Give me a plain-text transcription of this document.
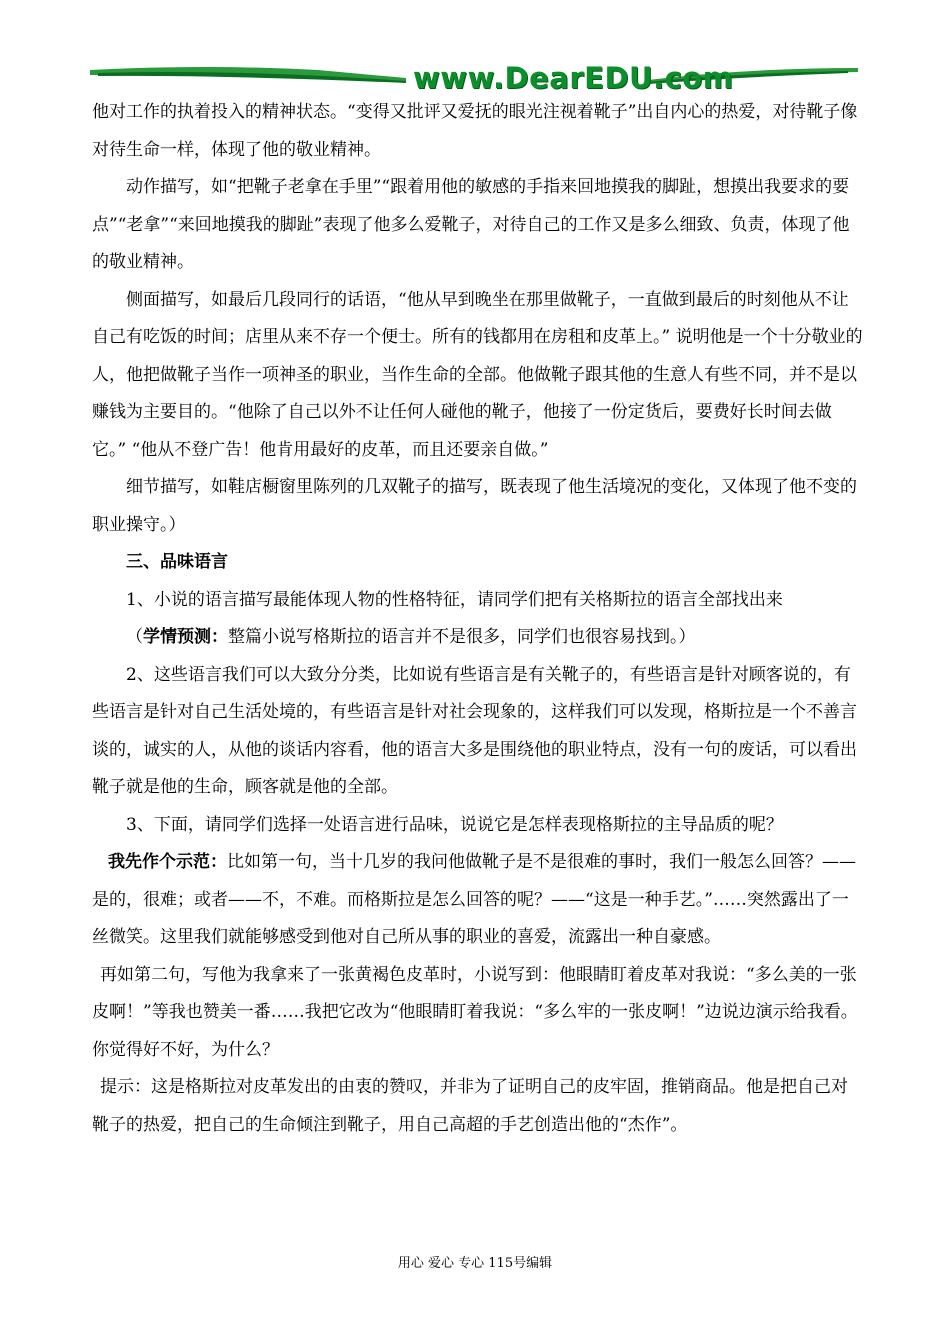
www.DearEDU.com

他对工作的执着投入的精神状态。“变得又批评又爱抚的眼光注视着靴子”出自内心的热爱，对待靴子像对待生命一样，体现了他的敬业精神。

动作描写，如“把靴子老拿在手里”“跟着用他的敏感的手指来回地摸我的脚趾，想摸出我要求的要点”“老拿”“来回地摸我的脚趾”表现了他多么爱靴子，对待自己的工作又是多么细致、负责，体现了他的敬业精神。

侧面描写，如最后几段同行的话语，“他从早到晚坐在那里做靴子，一直做到最后的时刻他从不让自己有吃饭的时间；店里从来不存一个便士。所有的钱都用在房租和皮革上。” 说明他是一个十分敬业的人，他把做靴子当作一项神圣的职业，当作生命的全部。他做靴子跟其他的生意人有些不同，并不是以赚钱为主要目的。“他除了自己以外不让任何人碰他的靴子，他接了一份定货后，要费好长时间去做它。” “他从不登广告！他肯用最好的皮革，而且还要亲自做。”

细节描写，如鞋店橱窗里陈列的几双靴子的描写，既表现了他生活境况的变化，又体现了他不变的职业操守。）

三、品味语言

1、小说的语言描写最能体现人物的性格特征，请同学们把有关格斯拉的语言全部找出来

（学情预测：整篇小说写格斯拉的语言并不是很多，同学们也很容易找到。）

2、这些语言我们可以大致分分类，比如说有些语言是有关靴子的，有些语言是针对顾客说的，有些语言是针对自己生活处境的，有些语言是针对社会现象的，这样我们可以发现，格斯拉是一个不善言谈的，诚实的人，从他的谈话内容看，他的语言大多是围绕他的职业特点，没有一句的废话，可以看出靴子就是他的生命，顾客就是他的全部。

3、下面，请同学们选择一处语言进行品味，说说它是怎样表现格斯拉的主导品质的呢？

我先作个示范：比如第一句，当十几岁的我问他做靴子是不是很难的事时，我们一般怎么回答？——是的，很难；或者——不，不难。而格斯拉是怎么回答的呢？——“这是一种手艺。”……突然露出了一丝微笑。这里我们就能够感受到他对自己所从事的职业的喜爱，流露出一种自豪感。

再如第二句，写他为我拿来了一张黄褐色皮革时，小说写到：他眼睛盯着皮革对我说：“多么美的一张皮啊！”等我也赞美一番……我把它改为“他眼睛盯着我说：“多么牢的一张皮啊！”边说边演示给我看。你觉得好不好，为什么？

提示：这是格斯拉对皮革发出的由衷的赞叹，并非为了证明自己的皮牢固，推销商品。他是把自己对靴子的热爱，把自己的生命倾注到靴子，用自己高超的手艺创造出他的“杰作”。

用心 爱心 专心 115号编辑
